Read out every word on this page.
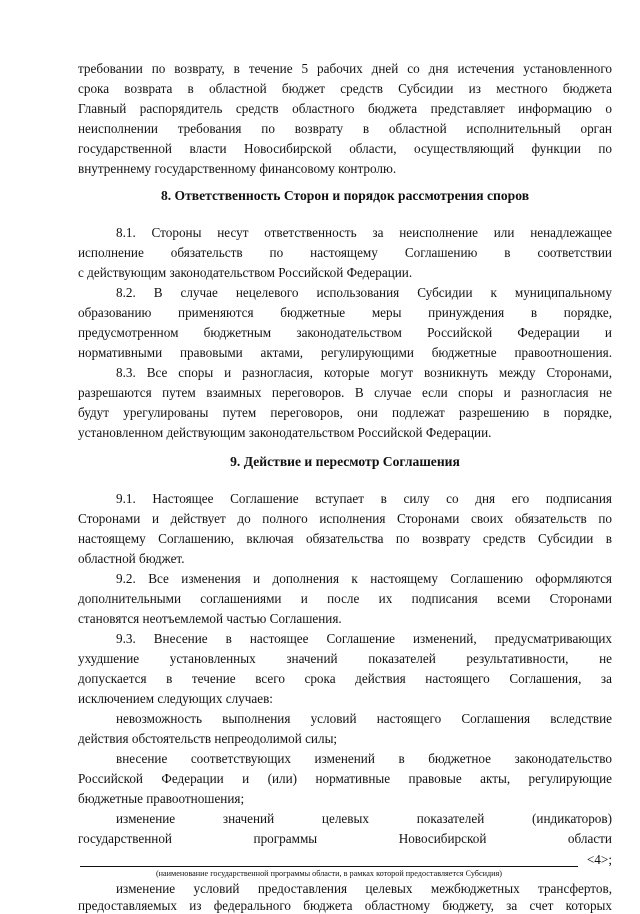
требовании по возврату, в течение 5 рабочих дней со дня истечения установленного
срока возврата в областной бюджет средств Субсидии из местного бюджета
Главный распорядитель средств областного бюджета представляет информацию о
неисполнении требования по возврату в областной исполнительный орган
государственной власти Новосибирской области, осуществляющий функции по
внутреннему государственному финансовому контролю.
8. Ответственность Сторон и порядок рассмотрения споров
8.1. Стороны несут ответственность за неисполнение или ненадлежащее
исполнение обязательств по настоящему Соглашению в соответствии
с действующим законодательством Российской Федерации.
8.2. В случае нецелевого использования Субсидии к муниципальному
образованию применяются бюджетные меры принуждения в порядке,
предусмотренном бюджетным законодательством Российской Федерации и
нормативными правовыми актами, регулирующими бюджетные правоотношения.
8.3. Все споры и разногласия, которые могут возникнуть между Сторонами,
разрешаются путем взаимных переговоров. В случае если споры и разногласия не
будут урегулированы путем переговоров, они подлежат разрешению в порядке,
установленном действующим законодательством Российской Федерации.
9. Действие и пересмотр Соглашения
9.1. Настоящее Соглашение вступает в силу со дня его подписания
Сторонами и действует до полного исполнения Сторонами своих обязательств по
настоящему Соглашению, включая обязательства по возврату средств Субсидии в
областной бюджет.
9.2. Все изменения и дополнения к настоящему Соглашению оформляются
дополнительными соглашениями и после их подписания всеми Сторонами
становятся неотъемлемой частью Соглашения.
9.3. Внесение в настоящее Соглашение изменений, предусматривающих
ухудшение установленных значений показателей результативности, не
допускается в течение всего срока действия настоящего Соглашения, за
исключением следующих случаев:
невозможность выполнения условий настоящего Соглашения вследствие
действия обстоятельств непреодолимой силы;
внесение соответствующих изменений в бюджетное законодательство
Российской Федерации и (или) нормативные правовые акты, регулирующие
бюджетные правоотношения;
изменение значений целевых показателей (индикаторов)
государственной программы Новосибирской области
<4>;
(наименование государственной программы области, в рамках которой предоставляется Субсидия)
изменение условий предоставления целевых межбюджетных трансфертов,
предоставляемых из федерального бюджета областному бюджету, за счет которых
